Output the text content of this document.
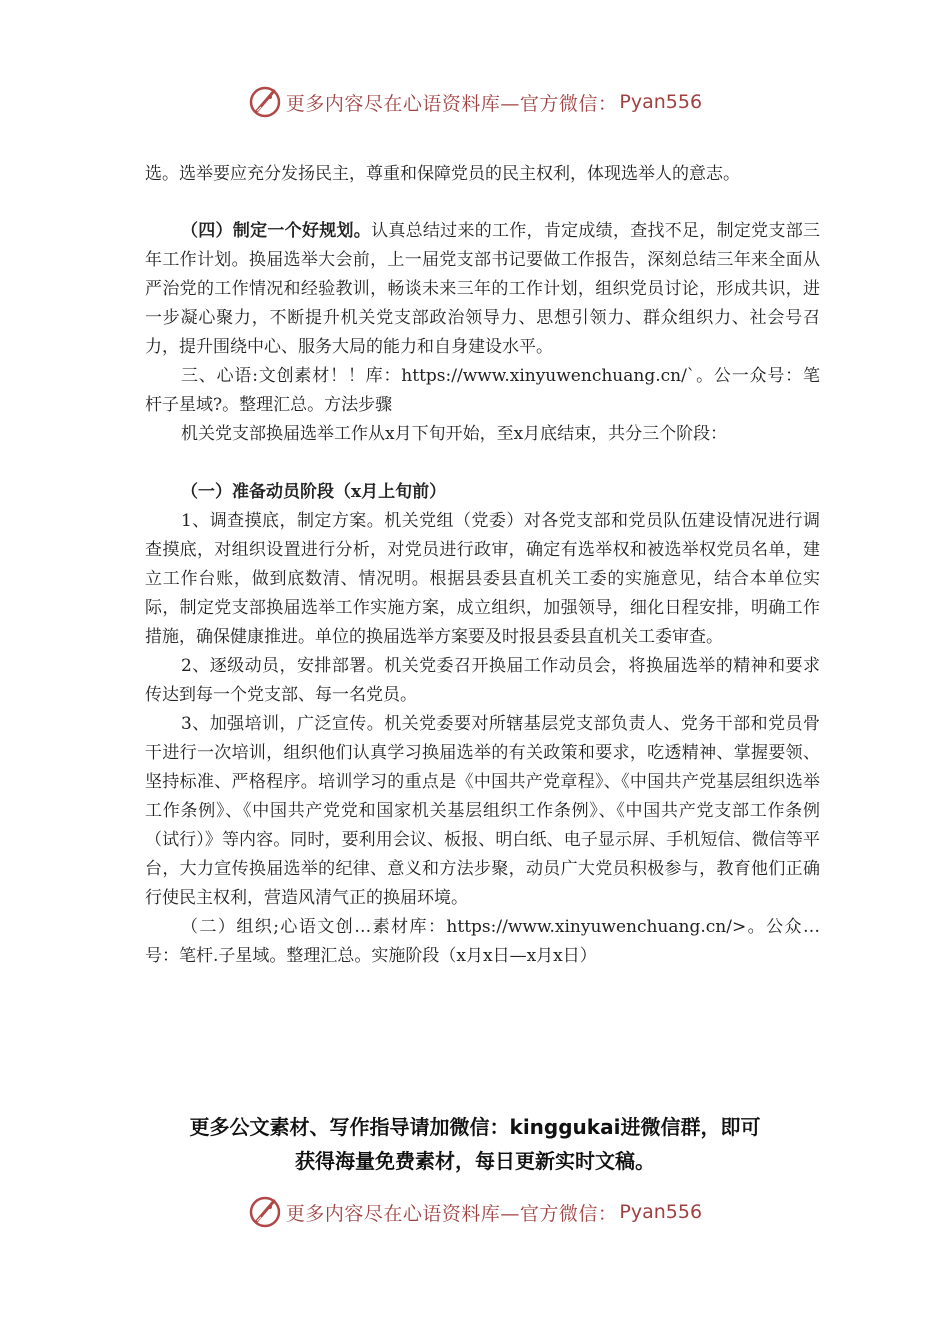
更多内容尽在心语资料库—官方微信： Pyan556

选。选举要应充分发扬民主，尊重和保障党员的民主权利，体现选举人的意志。

（四）制定一个好规划。认真总结过来的工作，肯定成绩，查找不足，制定党支部三年工作计划。换届选举大会前，上一届党支部书记要做工作报告，深刻总结三年来全面从严治党的工作情况和经验教训，畅谈未来三年的工作计划，组织党员讨论，形成共识，进一步凝心聚力，不断提升机关党支部政治领导力、思想引领力、群众组织力、社会号召力，提升围绕中心、服务大局的能力和自身建设水平。

三、心语:文创素材！！库：https://www.xinyuwenchuang.cn/`。公一众号：笔杆子星域?。整理汇总。方法步骤

机关党支部换届选举工作从x月下旬开始，至x月底结束，共分三个阶段：

（一）准备动员阶段（x月上旬前）

1、调查摸底，制定方案。机关党组（党委）对各党支部和党员队伍建设情况进行调查摸底，对组织设置进行分析，对党员进行政审，确定有选举权和被选举权党员名单，建立工作台账，做到底数清、情况明。根据县委县直机关工委的实施意见，结合本单位实际，制定党支部换届选举工作实施方案，成立组织，加强领导，细化日程安排，明确工作措施，确保健康推进。单位的换届选举方案要及时报县委县直机关工委审查。

2、逐级动员，安排部署。机关党委召开换届工作动员会，将换届选举的精神和要求传达到每一个党支部、每一名党员。

3、加强培训，广泛宣传。机关党委要对所辖基层党支部负责人、党务干部和党员骨干进行一次培训，组织他们认真学习换届选举的有关政策和要求，吃透精神、掌握要领、坚持标准、严格程序。培训学习的重点是《中国共产党章程》、《中国共产党基层组织选举工作条例》、《中国共产党党和国家机关基层组织工作条例》、《中国共产党支部工作条例（试行）》等内容。同时，要利用会议、板报、明白纸、电子显示屏、手机短信、微信等平台，大力宣传换届选举的纪律、意义和方法步聚，动员广大党员积极参与，教育他们正确行使民主权利，营造风清气正的换届环境。

（二）组织;心语文创…素材库：https://www.xinyuwenchuang.cn/>。公众…号：笔杆.子星域。整理汇总。实施阶段（x月x日—x月x日）

更多公文素材、写作指导请加微信：kinggukai进微信群，即可
获得海量免费素材，每日更新实时文稿。
更多内容尽在心语资料库—官方微信： Pyan556
